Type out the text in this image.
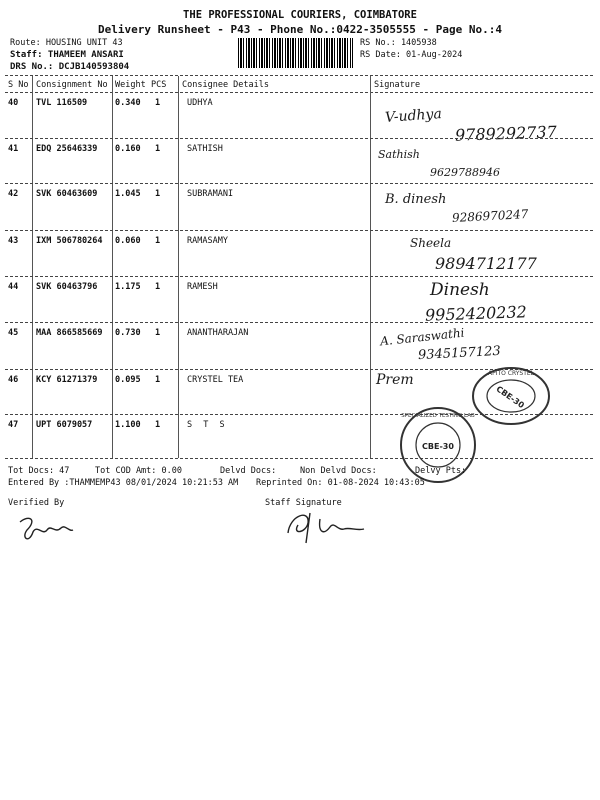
THE PROFESSIONAL COURIERS, COIMBATORE
Delivery Runsheet - P43 - Phone No.:0422-3505555 - Page No.:4
Route: HOUSING UNIT 43
Staff: THAMEEM ANSARI
DRS No.: DCJB140593804
RS No.: 1405938
RS Date: 01-Aug-2024
S No Consignment No Weight PCS Consignee Details	Signature
40 TVL 116509	0.340 1	UDHYA
V-udhya
9789292737
41 EDQ 25646339 0.160 1	SATHISH	Sathish
9629788946
42 SVK 60463609 1.045 1	SUBRAMANI	B. dinesh
9286970247
43 IXM 506780264 0.060 1	RAMASAMY	Sheela
9894712177
44 SVK 60463796 1.175 1	RAMESH	Dinesh
9952420232
45 MAA 866585669 0.730 1	ANANTHARAJAN	A. Saraswathi
9345157123
46 KCY 61271379 0.095 1	CRYSTEL TEA	Prem
47 UPT 6079057	1.100 1	S T S
CBE-30
APITO CRYSTEL
CBE-30
SPECIALIZED TESTING LAB
Tot Docs: 47	Tot COD Amt: 0.00	Delvd Docs:	Non Delvd Docs:	Delvy Pts:
Entered By :THAMMEMP43 08/01/2024 10:21:53 AM Reprinted On: 01-08-2024 10:43:05
Verified By	Staff Signature
